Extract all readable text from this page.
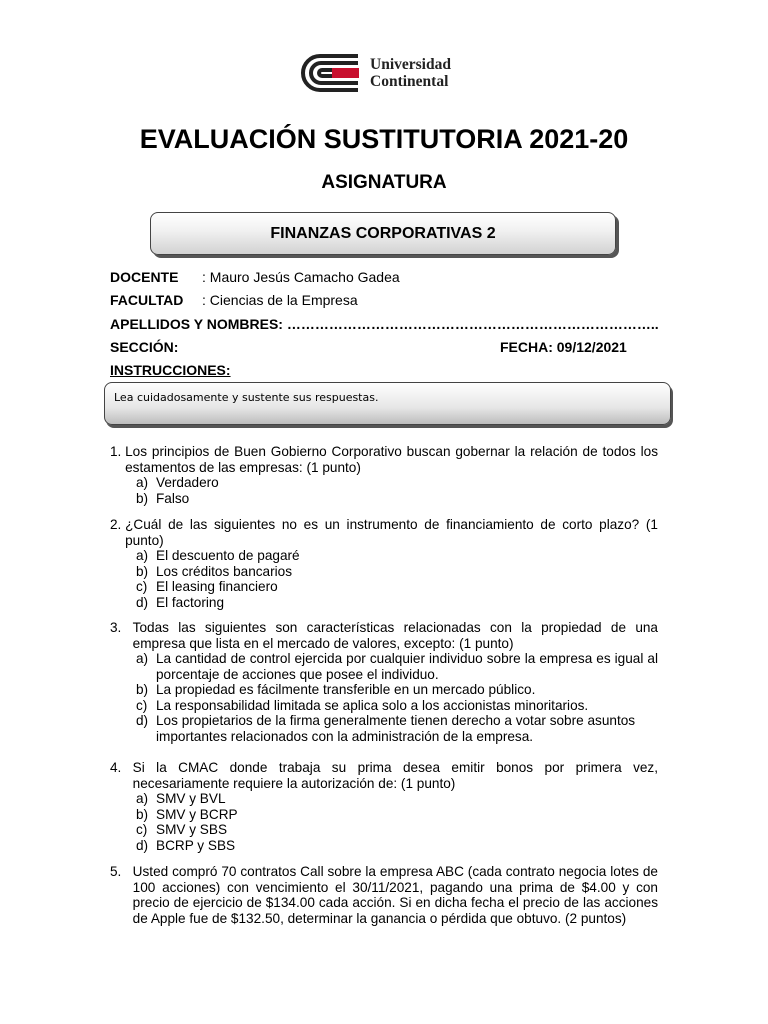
Universidad
Continental
EVALUACIÓN SUSTITUTORIA 2021-20
ASIGNATURA
FINANZAS CORPORATIVAS 2
DOCENTE : Mauro Jesús Camacho Gadea
FACULTAD : Ciencias de la Empresa
APELLIDOS Y NOMBRES: ……………………………………………………………………..
SECCIÓN:	FECHA: 09/12/2021
INSTRUCCIONES:
Lea cuidadosamente y sustente sus respuestas.
1. Los principios de Buen Gobierno Corporativo buscan gobernar la relación de todos los estamentos de las empresas: (1 punto)
a) Verdadero
b) Falso
2. ¿Cuál de las siguientes no es un instrumento de financiamiento de corto plazo? (1 punto)
a) El descuento de pagaré
b) Los créditos bancarios
c) El leasing financiero
d) El factoring
3. Todas las siguientes son características relacionadas con la propiedad de una empresa que lista en el mercado de valores, excepto: (1 punto)
a) La cantidad de control ejercida por cualquier individuo sobre la empresa es igual al porcentaje de acciones que posee el individuo.
b) La propiedad es fácilmente transferible en un mercado público.
c) La responsabilidad limitada se aplica solo a los accionistas minoritarios.
d) Los propietarios de la firma generalmente tienen derecho a votar sobre asuntos importantes relacionados con la administración de la empresa.
4. Si la CMAC donde trabaja su prima desea emitir bonos por primera vez, necesariamente requiere la autorización de: (1 punto)
a) SMV y BVL
b) SMV y BCRP
c) SMV y SBS
d) BCRP y SBS
5. Usted compró 70 contratos Call sobre la empresa ABC (cada contrato negocia lotes de 100 acciones) con vencimiento el 30/11/2021, pagando una prima de $4.00 y con precio de ejercicio de $134.00 cada acción. Si en dicha fecha el precio de las acciones de Apple fue de $132.50, determinar la ganancia o pérdida que obtuvo. (2 puntos)
